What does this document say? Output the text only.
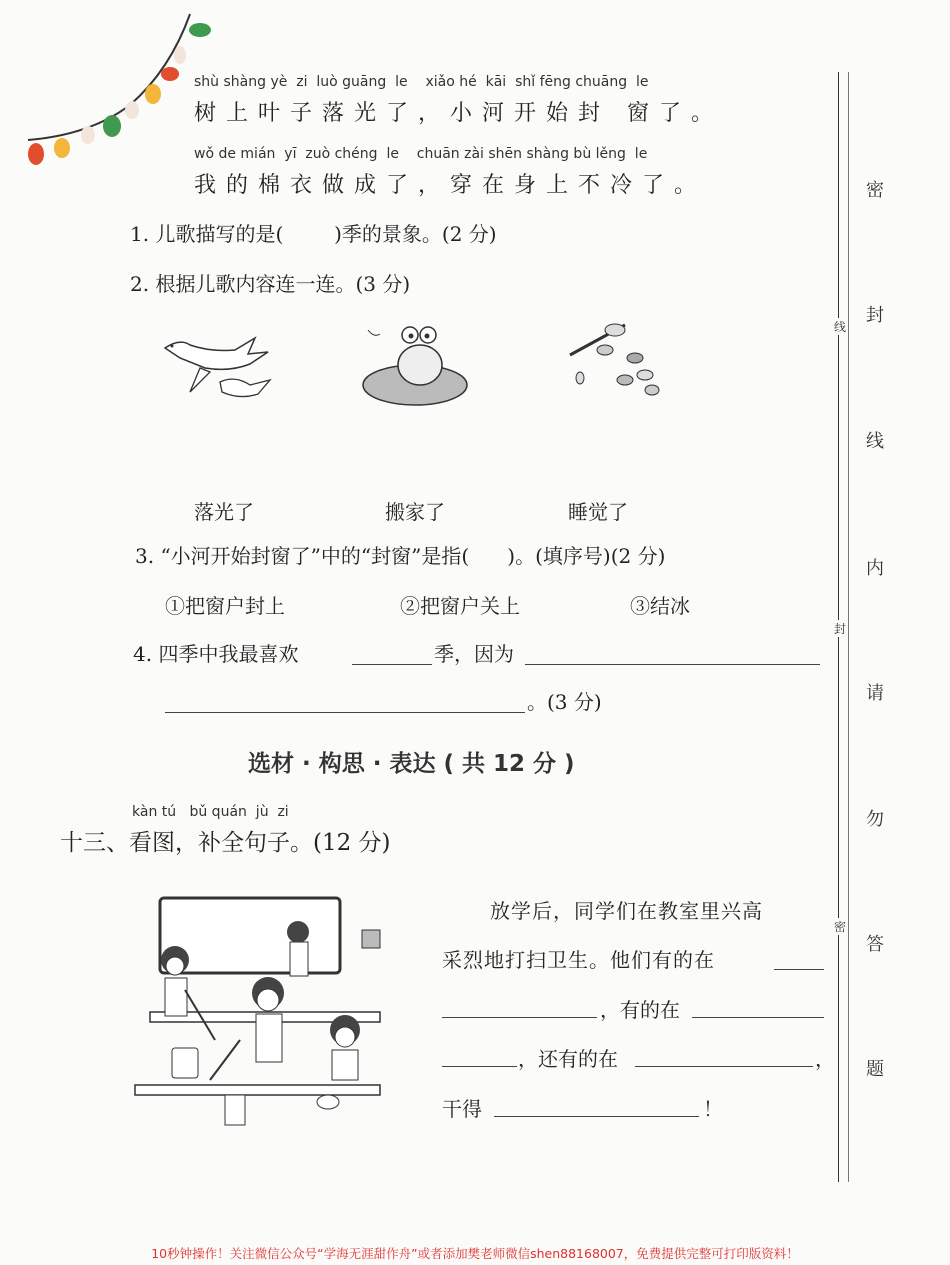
shù shàng yè  zi  luò guāng  le    xiǎo hé  kāi  shǐ fēng chuāng  le
树上叶子落光了，小河开始封 窗了。
wǒ de mián  yī  zuò chéng  le    chuān zài shēn shàng bù lěng  le
我的棉衣做成了，穿在身上不冷了。
1. 儿歌描写的是(        )季的景象。(2 分)
2. 根据儿歌内容连一连。(3 分)
落光了	搬家了	睡觉了
3. “小河开始封窗了”中的“封窗”是指(      )。(填序号)(2 分)
①把窗户封上	②把窗户关上	③结冰
4. 四季中我最喜欢	季，因为
。(3 分)
选材 · 构思 · 表达 ( 共 12 分 )
kàn tú   bǔ quán  jù  zi
十三、看图，补全句子。(12 分)
放学后，同学们在教室里兴高
采烈地打扫卫生。他们有的在
，有的在
，还有的在	，
干得	！
线
封
密
密
封
线
内
请
勿
答
题
10秒钟操作！关注微信公众号“学海无涯甜作舟”或者添加樊老师微信shen88168007，免费提供完整可打印版资料！
